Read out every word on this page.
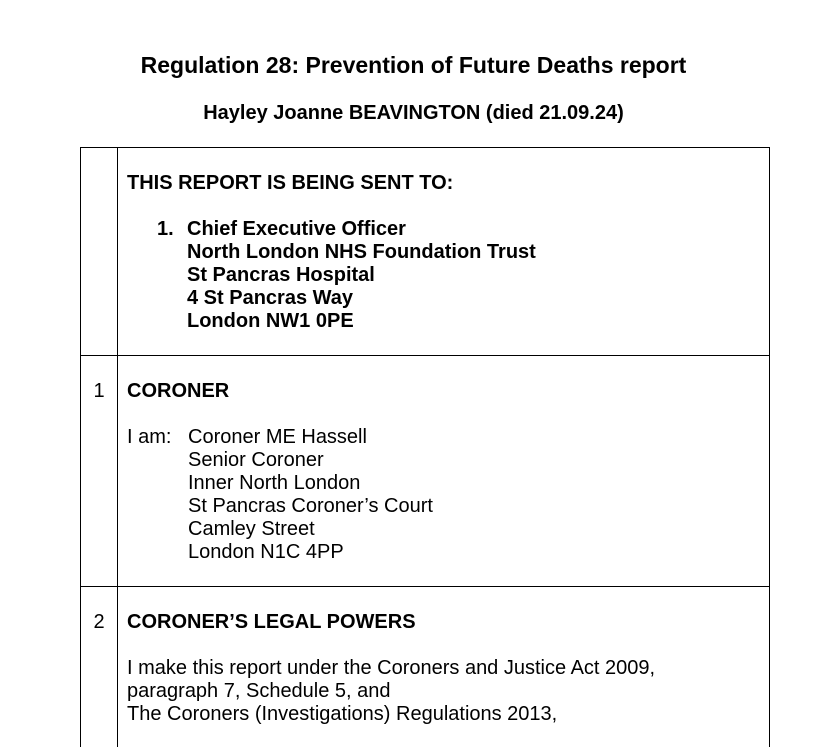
Regulation 28: Prevention of Future Deaths report
Hayley Joanne BEAVINGTON (died 21.09.24)
THIS REPORT IS BEING SENT TO:
1. Chief Executive Officer
North London NHS Foundation Trust
St Pancras Hospital
4 St Pancras Way
London NW1 0PE
1	CORONER
I am: Coroner ME Hassell
Senior Coroner
Inner North London
St Pancras Coroner’s Court
Camley Street
London N1C 4PP
2	CORONER’S LEGAL POWERS
I make this report under the Coroners and Justice Act 2009,
paragraph 7, Schedule 5, and
The Coroners (Investigations) Regulations 2013,
